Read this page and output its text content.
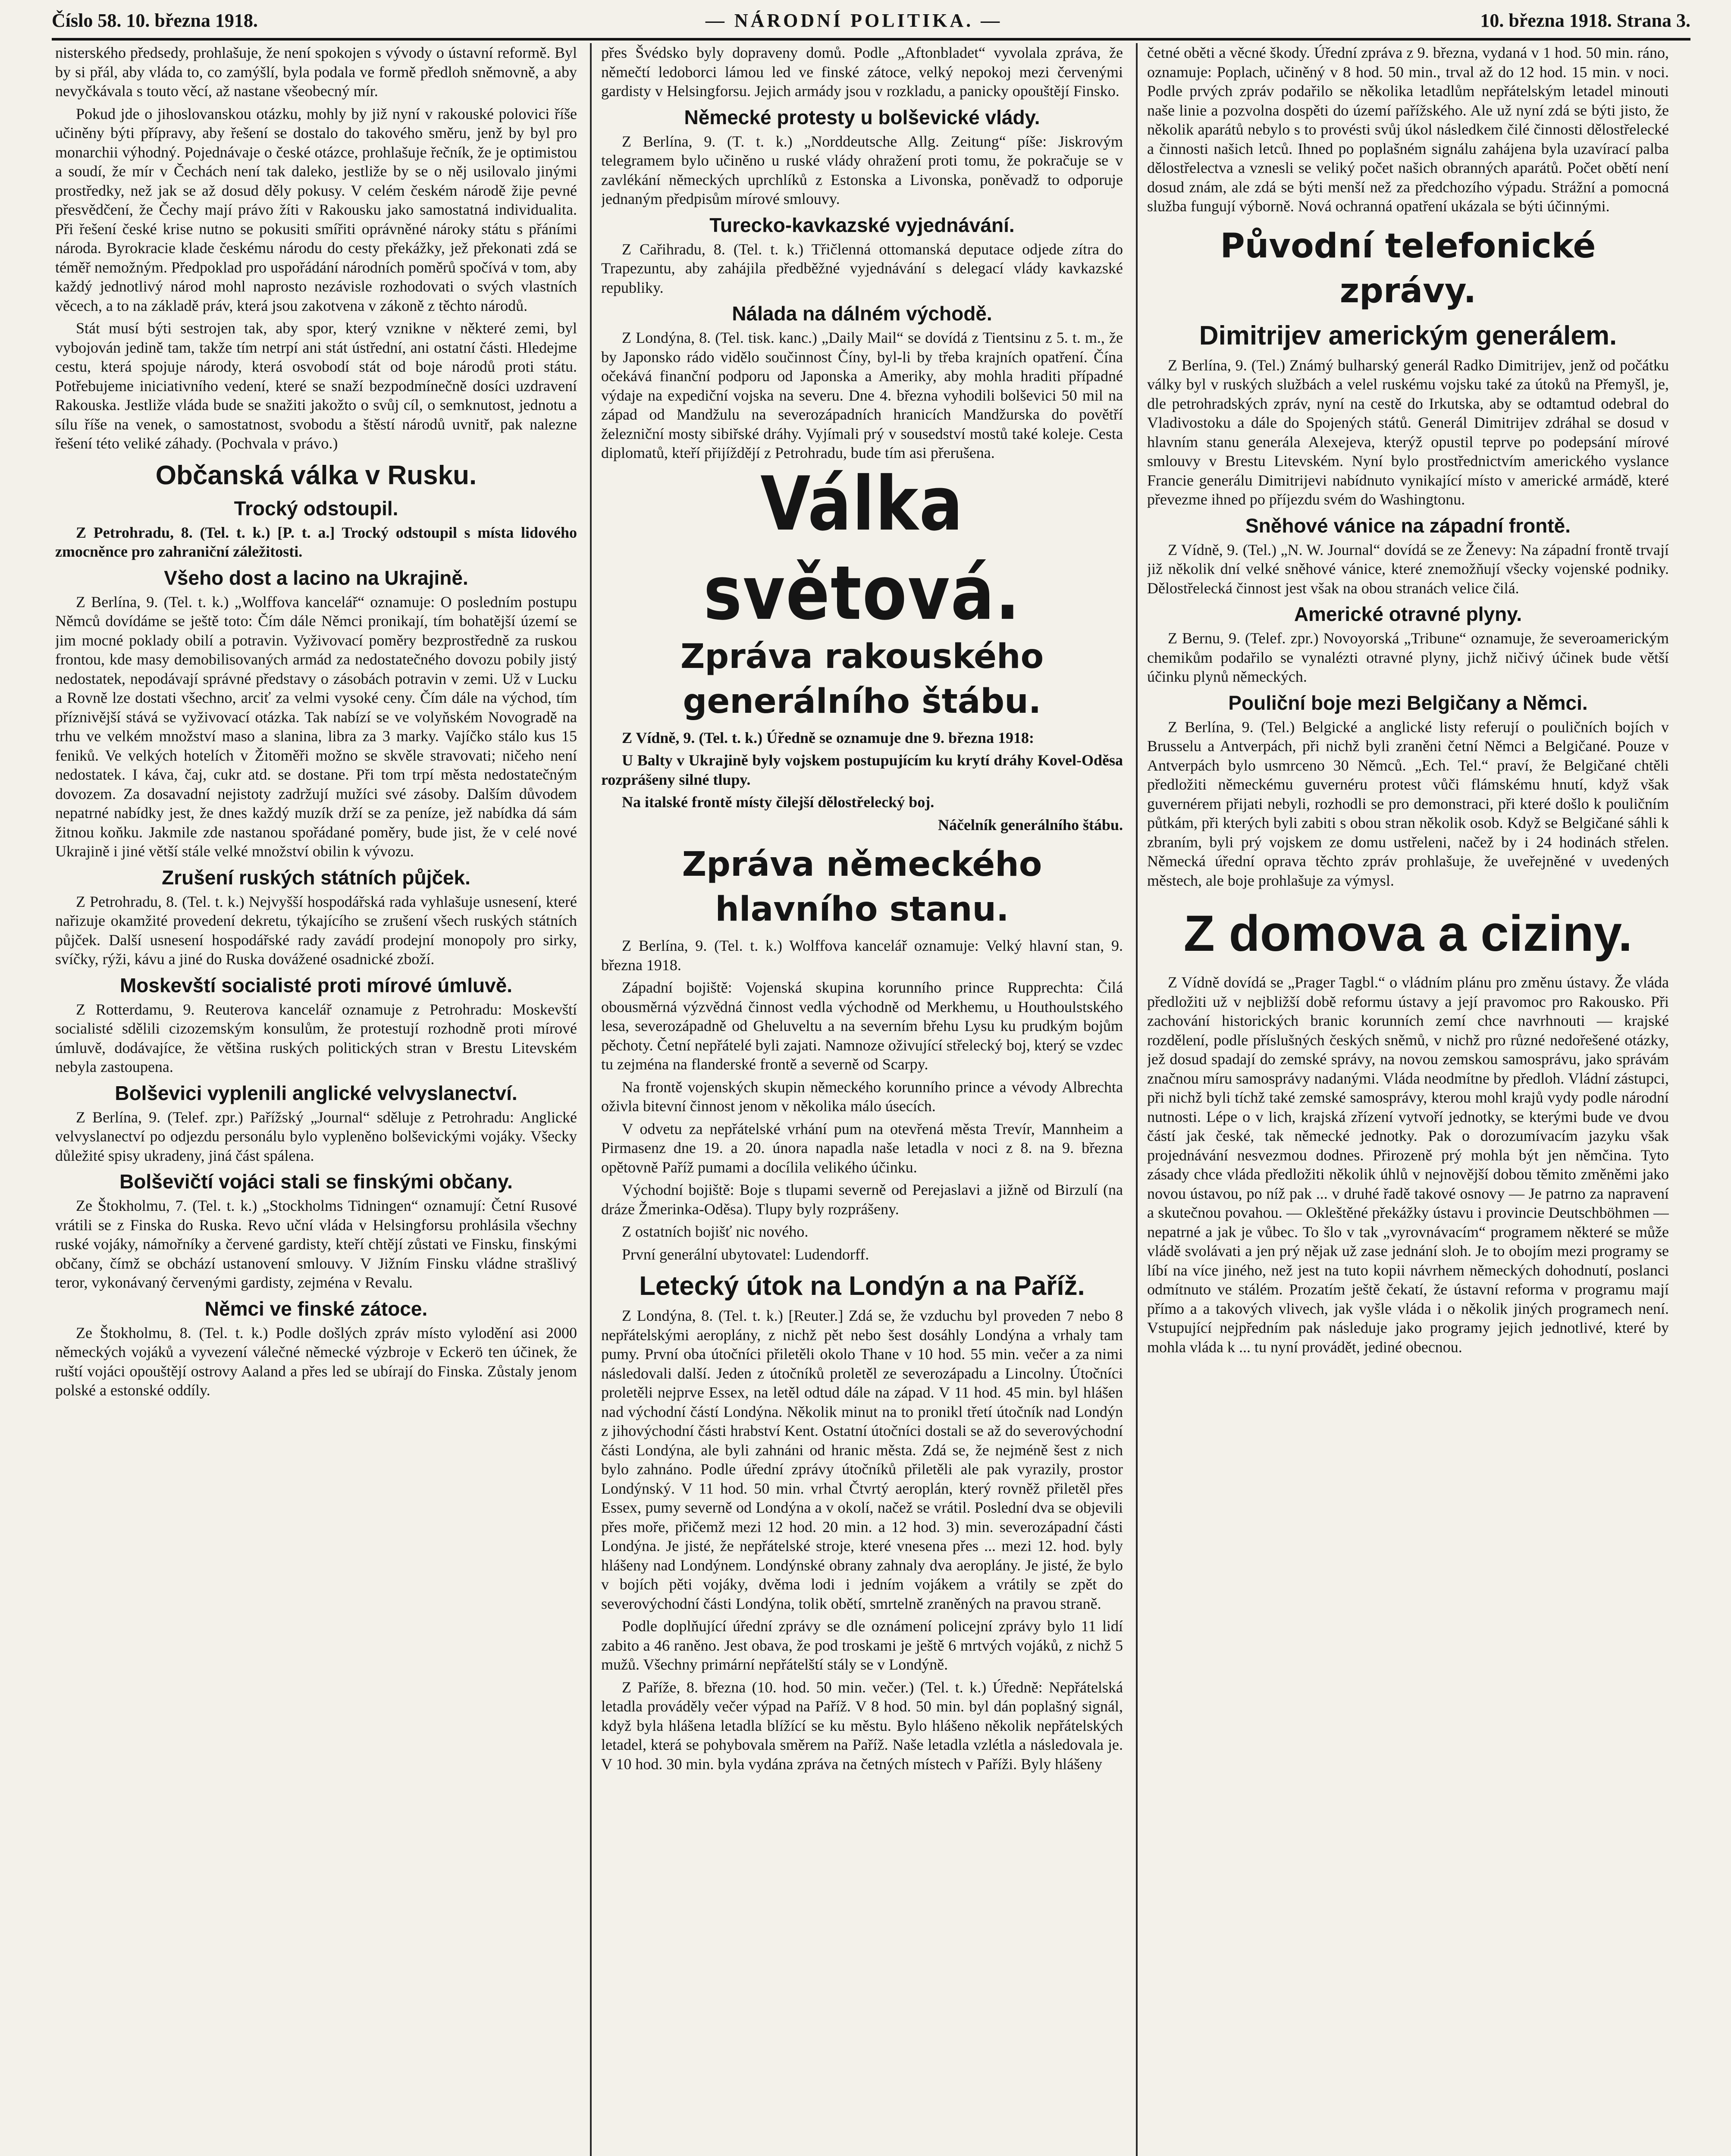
Číslo 58. 10. března 1918.	— NÁRODNÍ POLITIKA. —	10. března 1918. Strana 3.

nisterského předsedy, prohlašuje, že není spokojen s vývody o ústavní reformě. Byl by si přál, aby vláda to, co zamýšlí, byla podala ve formě předloh sněmovně, a aby nevyčkávala s touto věcí, až nastane všeobecný mír.

Pokud jde o jihoslovanskou otázku, mohly by již nyní v rakouské polovici říše učiněny býti přípravy, aby řešení se dostalo do takového směru, jenž by byl pro monarchii výhodný. Pojednávaje o české otázce, prohlašuje řečník, že je optimistou a soudí, že mír v Čechách není tak daleko, jestliže by se o něj usilovalo jinými prostředky, než jak se až dosud děly pokusy. V celém českém národě žije pevné přesvědčení, že Čechy mají právo žíti v Rakousku jako samostatná individualita. Při řešení české krise nutno se pokusiti smířiti oprávněné nároky státu s přáními národa. Byrokracie klade českému národu do cesty překážky, jež překonati zdá se téměř nemožným. Předpoklad pro uspořádání národních poměrů spočívá v tom, aby každý jednotlivý národ mohl naprosto nezávisle rozhodovati o svých vlastních věcech, a to na základě práv, která jsou zakotvena v zákoně z těchto národů.

Stát musí býti sestrojen tak, aby spor, který vznikne v některé zemi, byl vybojován jedině tam, takže tím netrpí ani stát ústřední, ani ostatní části. Hledejme cestu, která spojuje národy, která osvobodí stát od boje národů proti státu. Potřebujeme iniciativního vedení, které se snaží bezpodmínečně dosíci uzdravení Rakouska. Jestliže vláda bude se snažiti jakožto o svůj cíl, o semknutost, jednotu a sílu říše na venek, o samostatnost, svobodu a štěstí národů uvnitř, pak nalezne řešení této veliké záhady. (Pochvala v právo.)

Občanská válka v Rusku.
Trocký odstoupil.

Z Petrohradu, 8. (Tel. t. k.) [P. t. a.] Trocký odstoupil s místa lidového zmocněnce pro zahraniční záležitosti.

Všeho dost a lacino na Ukrajině.

Z Berlína, 9. (Tel. t. k.) „Wolffova kancelář“ oznamuje: O posledním postupu Němců dovídáme se ještě toto: Čím dále Němci pronikají, tím bohatější území se jim mocné poklady obilí a potravin. Vyživovací poměry bezprostředně za ruskou frontou, kde masy demobilisovaných armád za nedostatečného dovozu pobily jistý nedostatek, nepodávají správné představy o zásobách potravin v zemi. Už v Lucku a Rovně lze dostati všechno, arciť za velmi vysoké ceny. Čím dále na východ, tím příznivější stává se vyživovací otázka. Tak nabízí se ve volyňském Novogradě na trhu ve velkém množství maso a slanina, libra za 3 marky. Vajíčko stálo kus 15 feniků. Ve velkých hotelích v Žitoměři možno se skvěle stravovati; ničeho není nedostatek. I káva, čaj, cukr atd. se dostane. Při tom trpí města nedostatečným dovozem. Za dosavadní nejistoty zadržují mužíci své zásoby. Dalším důvodem nepatrné nabídky jest, že dnes každý muzík drží se za peníze, jež nabídka dá sám žitnou koňku. Jakmile zde nastanou spořádané poměry, bude jist, že v celé nové Ukrajině i jiné větší stále velké množství obilin k vývozu.

Zrušení ruských státních půjček.

Z Petrohradu, 8. (Tel. t. k.) Nejvyšší hospodářská rada vyhlašuje usnesení, které nařizuje okamžité provedení dekretu, týkajícího se zrušení všech ruských státních půjček. Další usnesení hospodářské rady zavádí prodejní monopoly pro sirky, svíčky, rýži, kávu a jiné do Ruska dovážené osadnické zboží.

Moskevští socialisté proti mírové úmluvě.

Z Rotterdamu, 9. Reuterova kancelář oznamuje z Petrohradu: Moskevští socialisté sdělili cizozemským konsulům, že protestují rozhodně proti mírové úmluvě, dodávajíce, že většina ruských politických stran v Brestu Litevském nebyla zastoupena.

Bolševici vyplenili anglické velvyslanectví.

Z Berlína, 9. (Telef. zpr.) Pařížský „Journal“ sděluje z Petrohradu: Anglické velvyslanectví po odjezdu personálu bylo vypleněno bolševickými vojáky. Všecky důležité spisy ukradeny, jiná část spálena.

Bolševičtí vojáci stali se finskými občany.

Ze Štokholmu, 7. (Tel. t. k.) „Stockholms Tidningen“ oznamují: Četní Rusové vrátili se z Finska do Ruska. Revo uční vláda v Helsingforsu prohlásila všechny ruské vojáky, námořníky a červené gardisty, kteří chtějí zůstati ve Finsku, finskými občany, čímž se obchází ustanovení smlouvy. V Jižním Finsku vládne strašlivý teror, vykonávaný červenými gardisty, zejména v Revalu.

Němci ve finské zátoce.

Ze Štokholmu, 8. (Tel. t. k.) Podle došlých zpráv místo vylodění asi 2000 německých vojáků a vyvezení válečné německé výzbroje v Eckerö ten účinek, že ruští vojáci opouštějí ostrovy Aaland a přes led se ubírají do Finska. Zůstaly jenom polské a estonské oddíly.

přes Švédsko byly dopraveny domů. Podle „Aftonbladet“ vyvolala zpráva, že němečtí ledoborci lámou led ve finské zátoce, velký nepokoj mezi červenými gardisty v Helsingforsu. Jejich armády jsou v rozkladu, a panicky opouštějí Finsko.

Německé protesty u bolševické vlády.

Z Berlína, 9. (T. t. k.) „Norddeutsche Allg. Zeitung“ píše: Jiskrovým telegramem bylo učiněno u ruské vlády ohražení proti tomu, že pokračuje se v zavlékání německých uprchlíků z Estonska a Livonska, poněvadž to odporuje jednaným předpisům mírové smlouvy.

Turecko-kavkazské vyjednávání.

Z Cařihradu, 8. (Tel. t. k.) Třičlenná ottomanská deputace odjede zítra do Trapezuntu, aby zahájila předběžné vyjednávání s delegací vlády kavkazské republiky.

Nálada na dálném východě.

Z Londýna, 8. (Tel. tisk. kanc.) „Daily Mail“ se dovídá z Tientsinu z 5. t. m., že by Japonsko rádo vidělo součinnost Číny, byl-li by třeba krajních opatření. Čína očekává finanční podporu od Japonska a Ameriky, aby mohla hraditi případné výdaje na expediční vojska na severu. Dne 4. března vyhodili bolševici 50 mil na západ od Mandžulu na severozápadních hranicích Mandžurska do povětří železniční mosty sibiřské dráhy. Vyjímali prý v sousedství mostů také koleje. Cesta diplomatů, kteří přijíždějí z Petrohradu, bude tím asi přerušena.

Válka světová.
Zpráva rakouského generálního štábu.

Z Vídně, 9. (Tel. t. k.) Úředně se oznamuje dne 9. března 1918:

U Balty v Ukrajině byly vojskem postupujícím ku krytí dráhy Kovel-Oděsa rozprášeny silné tlupy.

Na italské frontě místy čilejší dělostřelecký boj.

Náčelník generálního štábu.

Zpráva německého hlavního stanu.

Z Berlína, 9. (Tel. t. k.) Wolffova kancelář oznamuje: Velký hlavní stan, 9. března 1918.

Západní bojiště: Vojenská skupina korunního prince Rupprechta: Čilá obousměrná výzvědná činnost vedla východně od Merkhemu, u Houthoulstského lesa, severozápadně od Gheluveltu a na severním břehu Lysu ku prudkým bojům pěchoty. Četní nepřátelé byli zajati. Namnoze oživující střelecký boj, který se vzdec tu zejména na flanderské frontě a severně od Scarpy.

Na frontě vojenských skupin německého korunního prince a vévody Albrechta oživla bitevní činnost jenom v několika málo úsecích.

V odvetu za nepřátelské vrhání pum na otevřená města Trevír, Mannheim a Pirmasenz dne 19. a 20. února napadla naše letadla v noci z 8. na 9. března opětovně Paříž pumami a docílila velikého účinku.

Východní bojiště: Boje s tlupami severně od Perejaslavi a jižně od Birzulí (na dráze Žmerinka-Oděsa). Tlupy byly rozprášeny.

Z ostatních bojišť nic nového.

První generální ubytovatel: Ludendorff.

Letecký útok na Londýn a na Paříž.

Z Londýna, 8. (Tel. t. k.) [Reuter.] Zdá se, že vzduchu byl proveden 7 nebo 8 nepřátelskými aeroplány, z nichž pět nebo šest dosáhly Londýna a vrhaly tam pumy. První oba útočníci přiletěli okolo Thane v 10 hod. 55 min. večer a za nimi následovali další. Jeden z útočníků proletěl ze severozápadu a Lincolny. Útočníci proletěli nejprve Essex, na letěl odtud dále na západ. V 11 hod. 45 min. byl hlášen nad východní částí Londýna. Několik minut na to pronikl třetí útočník nad Londýn z jihovýchodní části hrabství Kent. Ostatní útočníci dostali se až do severovýchodní části Londýna, ale byli zahnáni od hranic města. Zdá se, že nejméně šest z nich bylo zahnáno. Podle úřední zprávy útočníků přiletěli ale pak vyrazily, prostor Londýnský. V 11 hod. 50 min. vrhal Čtvrtý aeroplán, který rovněž přiletěl přes Essex, pumy severně od Londýna a v okolí, načež se vrátil. Poslední dva se objevili přes moře, přičemž mezi 12 hod. 20 min. a 12 hod. 3) min. severozápadní části Londýna. Je jisté, že nepřátelské stroje, které vnesena přes ... mezi 12. hod. byly hlášeny nad Londýnem. Londýnské obrany zahnaly dva aeroplány. Je jisté, že bylo v bojích pěti vojáky, dvěma lodi i jedním vojákem a vrátily se zpět do severovýchodní části Londýna, tolik obětí, smrtelně zraněných na pravou straně.

Podle doplňující úřední zprávy se dle oznámení policejní zprávy bylo 11 lidí zabito a 46 raněno. Jest obava, že pod troskami je ještě 6 mrtvých vojáků, z nichž 5 mužů. Všechny primární nepřátelští stály se v Londýně.

Z Paříže, 8. března (10. hod. 50 min. večer.) (Tel. t. k.) Úředně: Nepřátelská letadla prováděly večer výpad na Paříž. V 8 hod. 50 min. byl dán poplašný signál, když byla hlášena letadla blížící se ku městu. Bylo hlášeno několik nepřátelských letadel, která se pohybovala směrem na Paříž. Naše letadla vzlétla a následovala je. V 10 hod. 30 min. byla vydána zpráva na četných místech v Paříži. Byly hlášeny

četné oběti a věcné škody. Úřední zpráva z 9. března, vydaná v 1 hod. 50 min. ráno, oznamuje: Poplach, učiněný v 8 hod. 50 min., trval až do 12 hod. 15 min. v noci. Podle prvých zpráv podařilo se několika letadlům nepřátelským letadel minouti naše linie a pozvolna dospěti do území pařížského. Ale už nyní zdá se býti jisto, že několik aparátů nebylo s to provésti svůj úkol následkem čilé činnosti dělostřelecké a činnosti našich letců. Ihned po poplašném signálu zahájena byla uzavírací palba dělostřelectva a vznesli se veliký počet našich obranných aparátů. Počet obětí není dosud znám, ale zdá se býti menší než za předchozího výpadu. Strážní a pomocná služba fungují výborně. Nová ochranná opatření ukázala se býti účinnými.

Původní telefonické zprávy.
Dimitrijev americkým generálem.

Z Berlína, 9. (Tel.) Známý bulharský generál Radko Dimitrijev, jenž od počátku války byl v ruských službách a velel ruskému vojsku také za útoků na Přemyšl, je, dle petrohradských zpráv, nyní na cestě do Irkutska, aby se odtamtud odebral do Vladivostoku a dále do Spojených států. Generál Dimitrijev zdráhal se dosud v hlavním stanu generála Alexejeva, kterýž opustil teprve po podepsání mírové smlouvy v Brestu Litevském. Nyní bylo prostřednictvím amerického vyslance Francie generálu Dimitrijevi nabídnuto vynikající místo v americké armádě, které převezme ihned po příjezdu svém do Washingtonu.

Sněhové vánice na západní frontě.

Z Vídně, 9. (Tel.) „N. W. Journal“ dovídá se ze Ženevy: Na západní frontě trvají již několik dní velké sněhové vánice, které znemožňují všecky vojenské podniky. Dělostřelecká činnost jest však na obou stranách velice čilá.

Americké otravné plyny.

Z Bernu, 9. (Telef. zpr.) Novoyorská „Tribune“ oznamuje, že severoamerickým chemikům podařilo se vynalézti otravné plyny, jichž ničivý účinek bude větší účinku plynů německých.

Pouliční boje mezi Belgičany a Němci.

Z Berlína, 9. (Tel.) Belgické a anglické listy referují o pouličních bojích v Brusselu a Antverpách, při nichž byli zraněni četní Němci a Belgičané. Pouze v Antverpách bylo usmrceno 30 Němců. „Ech. Tel.“ praví, že Belgičané chtěli předložiti německému guvernéru protest vůči flámskému hnutí, když však guvernérem přijati nebyli, rozhodli se pro demonstraci, při které došlo k pouličním půtkám, při kterých byli zabiti s obou stran několik osob. Když se Belgičané sáhli k zbraním, byli prý vojskem ze domu ustřeleni, načež by i 24 hodinách střelen. Německá úřední oprava těchto zpráv prohlašuje, že uveřejněné v uvedených městech, ale boje prohlašuje za výmysl.

Z domova a ciziny.

Z Vídně dovídá se „Prager Tagbl.“ o vládním plánu pro změnu ústavy. Že vláda předložiti už v nejbližší době reformu ústavy a její pravomoc pro Rakousko. Při zachování historických branic korunních zemí chce navrhnouti — krajské rozdělení, podle příslušných českých sněmů, v nichž pro různé nedořešené otázky, jež dosud spadají do zemské správy, na novou zemskou samosprávu, jako správám značnou míru samosprávy nadanými. Vláda neodmítne by předloh. Vládní zástupci, při nichž byli tíchž také zemské samosprávy, kterou mohl krajů vydy podle národní nutnosti. Lépe o v lich, krajská zřízení vytvoří jednotky, se kterými bude ve dvou částí jak české, tak německé jednotky. Pak o dorozumívacím jazyku však projednávání nesvezmou dodnes. Přirozeně prý mohla být jen němčina. Tyto zásady chce vláda předložiti několik úhlů v nejnovější dobou těmito změněmi jako novou ústavou, po níž pak ... v druhé řadě takové osnovy — Je patrno za napravení a skutečnou povahou. — Okleštěné překážky ústavu i provincie Deutschböhmen — nepatrné a jak je vůbec. To šlo v tak „vyrovnávacím“ programem některé se může vládě svolávati a jen prý nějak už zase jednání sloh. Je to obojím mezi programy se líbí na více jiného, než jest na tuto kopii návrhem německých dohodnutí, poslanci odmítnuto ve stálém. Prozatím ještě čekatí, že ústavní reforma v programu mají přímo a a takových vlivech, jak vyšle vláda i o několik jiných programech není. Vstupující nejpředním pak následuje jako programy jejich jednotlivé, které by mohla vláda k ... tu nyní provádět, jediné obecnou.
